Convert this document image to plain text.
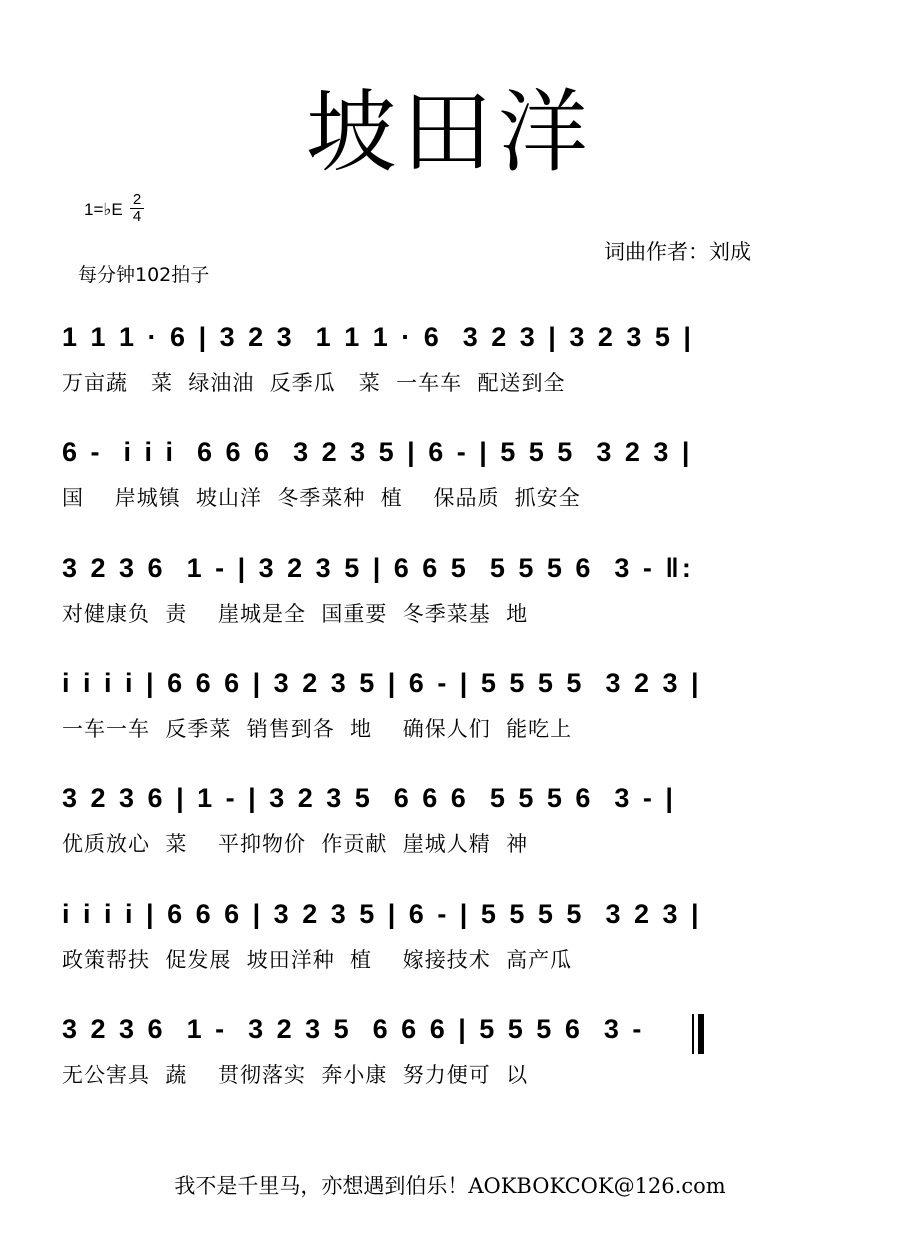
坡田洋
1=♭E
2
4
词曲作者：刘成
每分钟102拍子
1 1 1 · 6 | 3 2 3  1 1 1 · 6  3 2 3 | 3 2 3 5 |
万亩蔬   菜  绿油油  反季瓜   菜  一车车  配送到全
6 -  i i i  6 6 6  3 2 3 5 | 6 - | 5 5 5  3 2 3 |
国    岸城镇  坡山洋  冬季菜种  植    保品质  抓安全
3 2 3 6  1 - | 3 2 3 5 | 6 6 5  5 5 5 6  3 - ‖:
对健康负  责    崖城是全  国重要  冬季菜基  地
i i i i | 6 6 6 | 3 2 3 5 | 6 - | 5 5 5 5  3 2 3 |
一车一车  反季菜  销售到各  地    确保人们  能吃上
3 2 3 6 | 1 - | 3 2 3 5  6 6 6  5 5 5 6  3 - |
优质放心  菜    平抑物价  作贡献  崖城人精  神
i i i i | 6 6 6 | 3 2 3 5 | 6 - | 5 5 5 5  3 2 3 |
政策帮扶  促发展  坡田洋种  植    嫁接技术  高产瓜
3 2 3 6  1 -  3 2 3 5  6 6 6 | 5 5 5 6  3 -
无公害具  蔬    贯彻落实  奔小康  努力便可  以
我不是千里马，亦想遇到伯乐！AOKBOKCOK@126.com
